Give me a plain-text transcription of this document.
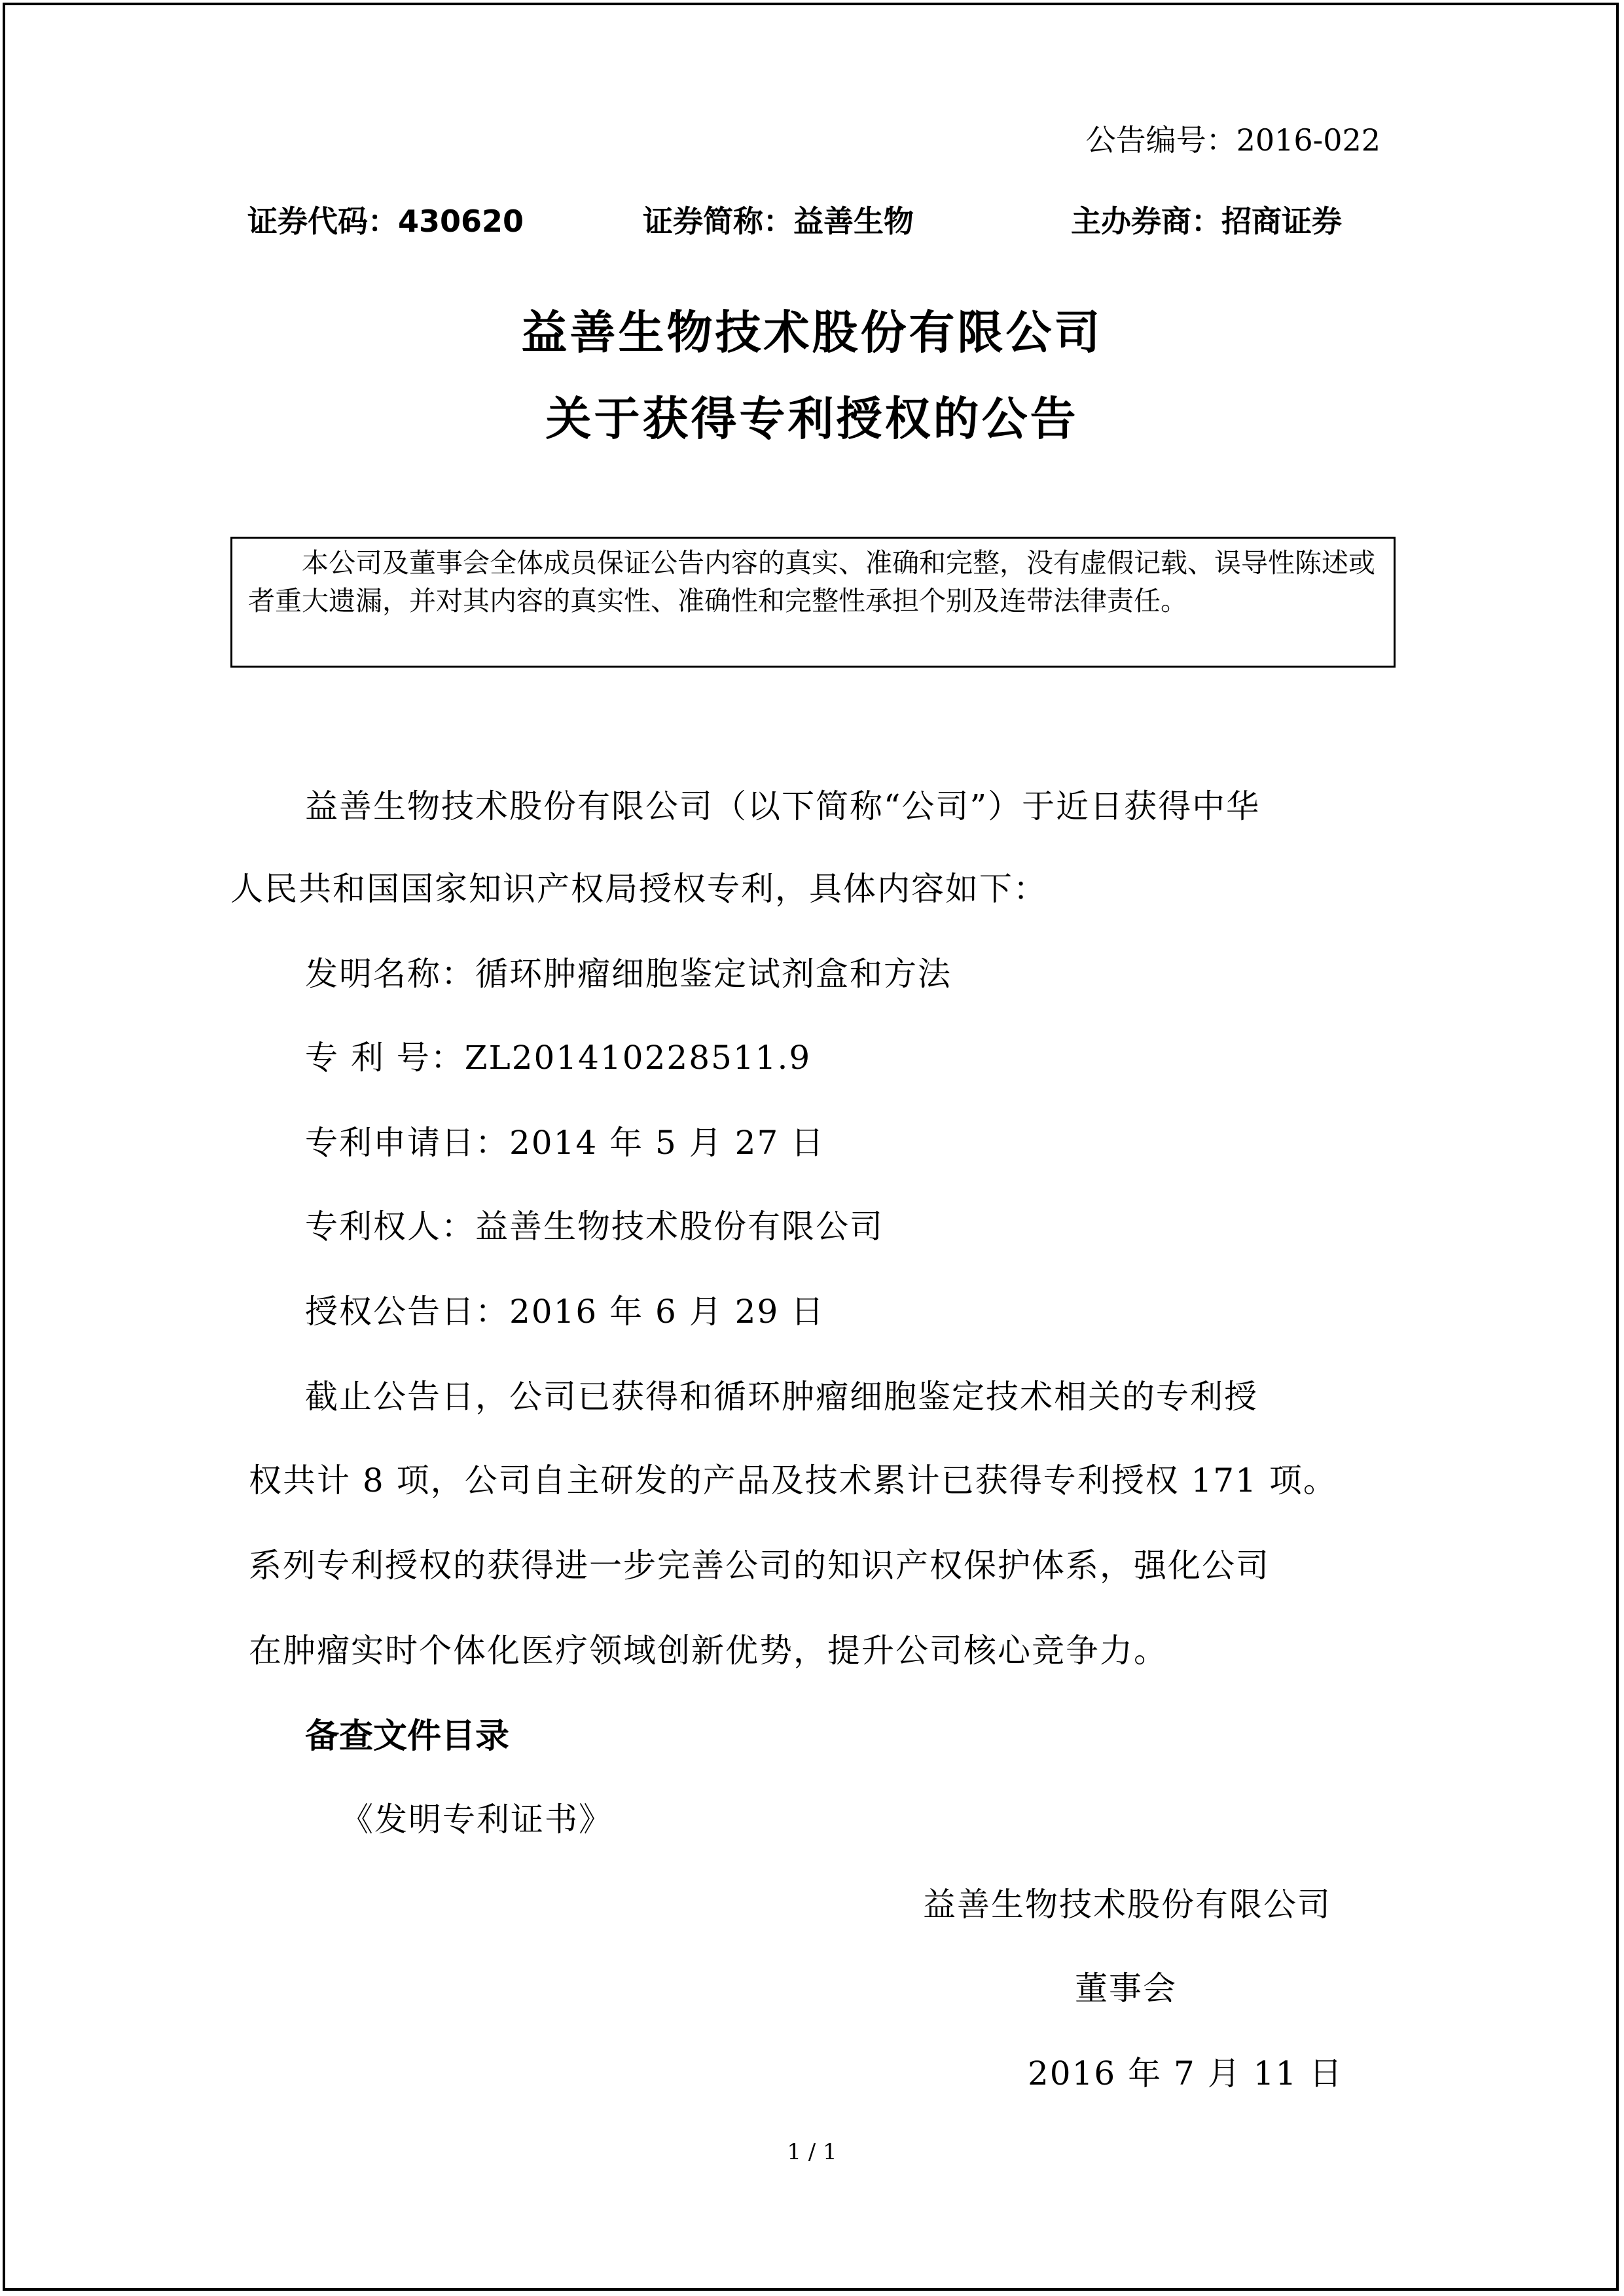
公告编号：2016-022
证券代码：430620	证券简称：益善生物	主办券商：招商证券
益善生物技术股份有限公司
关于获得专利授权的公告
本公司及董事会全体成员保证公告内容的真实、准确和完整，没有虚假记载、误导性陈述或者重大遗漏，并对其内容的真实性、准确性和完整性承担个别及连带法律责任。
益善生物技术股份有限公司（以下简称“公司”）于近日获得中华
人民共和国国家知识产权局授权专利，具体内容如下：
发明名称：循环肿瘤细胞鉴定试剂盒和方法
专 利 号：ZL201410228511.9
专利申请日：2014 年 5 月 27 日
专利权人：益善生物技术股份有限公司
授权公告日：2016 年 6 月 29 日
截止公告日，公司已获得和循环肿瘤细胞鉴定技术相关的专利授
权共计 8 项，公司自主研发的产品及技术累计已获得专利授权 171 项。
系列专利授权的获得进一步完善公司的知识产权保护体系，强化公司
在肿瘤实时个体化医疗领域创新优势，提升公司核心竞争力。
备查文件目录
《发明专利证书》
益善生物技术股份有限公司
董事会
2016 年 7 月 11 日
1 / 1
